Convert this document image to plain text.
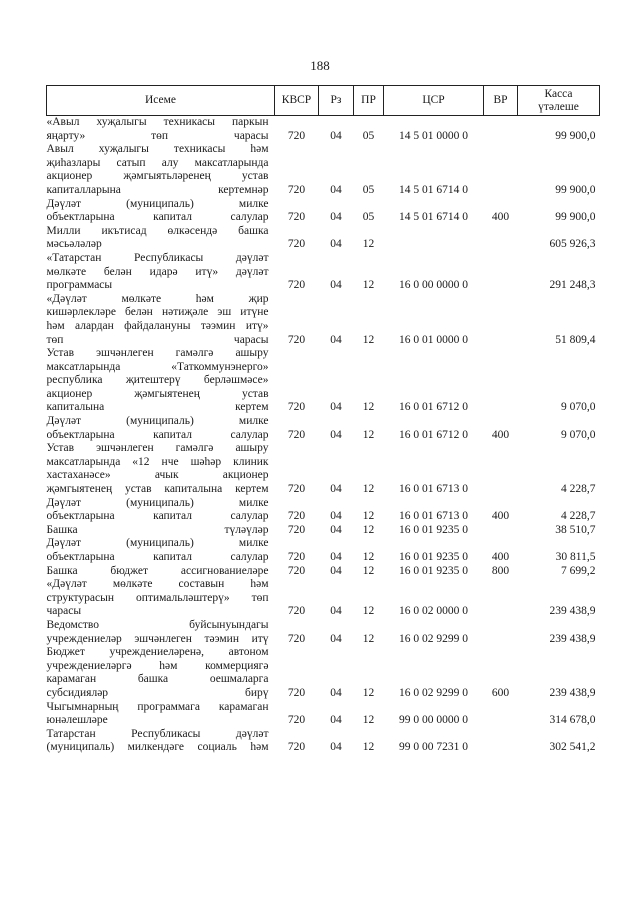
188
Исеме	КВСР	Рз	ПР	ЦСР	ВР	Касса
үтәлеше

«Авыл хуҗалыгы техникасы паркын
яңарту» төп чарасы	720	04	05	14 5 01 0000 0		99 900,0
Авыл хуҗалыгы техникасы һәм
җиһазлары сатып алу максатларында
акционер җәмгыятьләренең устав
капиталларына кертемнәр	720	04	05	14 5 01 6714 0		99 900,0
Дәүләт (муниципаль) милке
объектларына капитал салулар	720	04	05	14 5 01 6714 0	400	99 900,0
Милли икътисад өлкәсендә башка
мәсьәләләр	720	04	12			605 926,3
«Татарстан Республикасы дәүләт
мөлкәте белән идарә итү» дәүләт
программасы	720	04	12	16 0 00 0000 0		291 248,3
«Дәүләт мөлкәте һәм җир
кишәрлекләре белән нәтиҗәле эш итүне
һәм алардан файдалануны тәэмин итү»
төп чарасы	720	04	12	16 0 01 0000 0		51 809,4
Устав эшчәнлеген гамәлгә ашыру
максатларында «Таткоммунэнерго»
республика җитештерү берләшмәсе»
акционер җәмгыятенең устав
капиталына кертем	720	04	12	16 0 01 6712 0		9 070,0
Дәүләт (муниципаль) милке
объектларына капитал салулар	720	04	12	16 0 01 6712 0	400	9 070,0
Устав эшчәнлеген гамәлгә ашыру
максатларында «12 нче шәһәр клиник
хастаханәсе» ачык акционер
җәмгыятенең устав капиталына кертем	720	04	12	16 0 01 6713 0		4 228,7
Дәүләт (муниципаль) милке
объектларына капитал салулар	720	04	12	16 0 01 6713 0	400	4 228,7
Башка түләүләр	720	04	12	16 0 01 9235 0		38 510,7
Дәүләт (муниципаль) милке
объектларына капитал салулар	720	04	12	16 0 01 9235 0	400	30 811,5
Башка бюджет ассигнованиеләре	720	04	12	16 0 01 9235 0	800	7 699,2
«Дәүләт мөлкәте составын һәм
структурасын оптимальләштерү» төп
чарасы	720	04	12	16 0 02 0000 0		239 438,9
Ведомство буйсынуындагы
учреждениеләр эшчәнлеген тәэмин итү	720	04	12	16 0 02 9299 0		239 438,9
Бюджет учреждениеләренә, автоном
учреждениеләргә һәм коммерциягә
карамаган башка оешмаларга
субсидияләр бирү	720	04	12	16 0 02 9299 0	600	239 438,9
Чыгымнарның программага карамаган
юнәлешләре	720	04	12	99 0 00 0000 0		314 678,0
Татарстан Республикасы дәүләт
(муниципаль) милкендәге социаль һәм	720	04	12	99 0 00 7231 0		302 541,2
